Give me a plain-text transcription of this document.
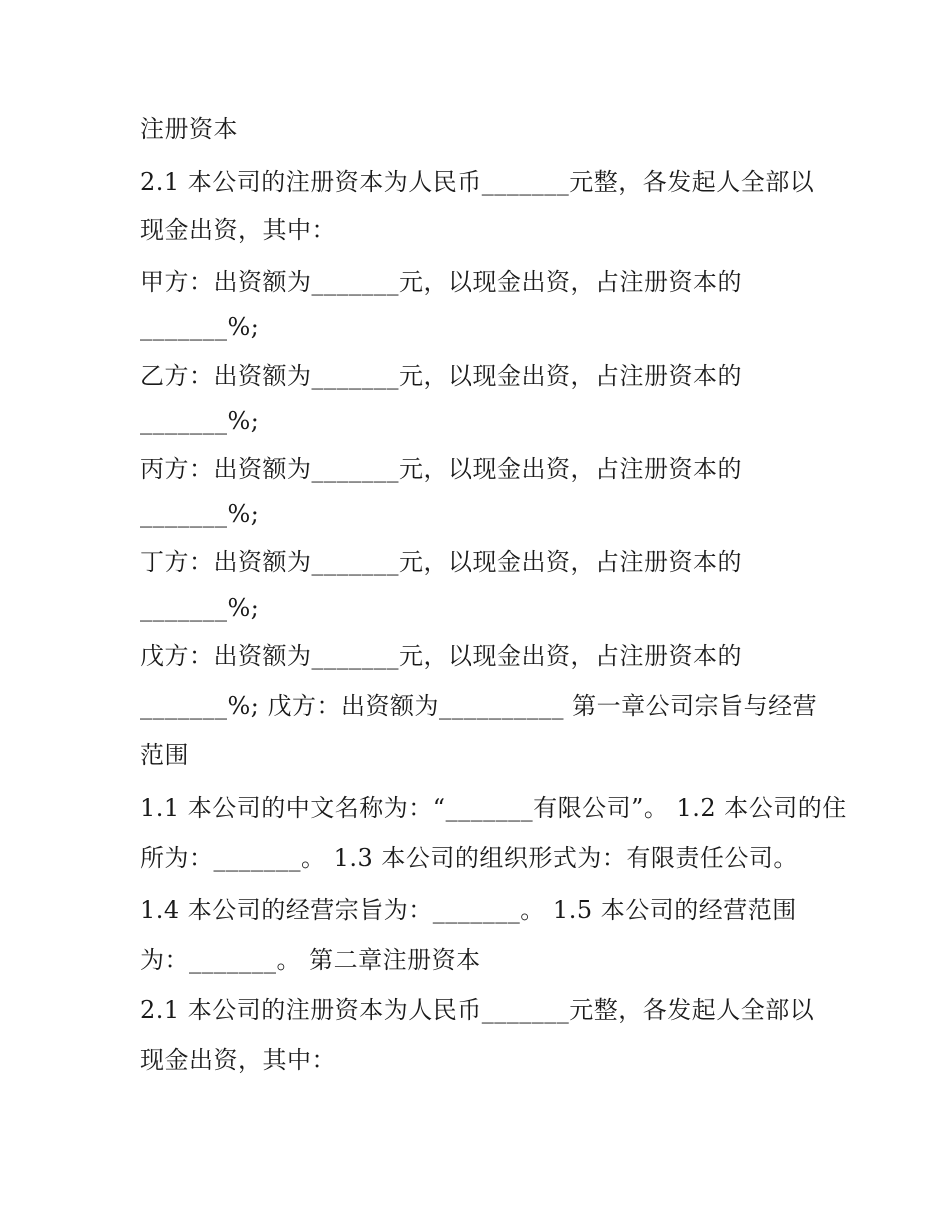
注册资本

2.1 本公司的注册资本为人民币_______元整，各发起人全部以

现金出资，其中：

甲方：出资额为_______元，以现金出资，占注册资本的

_______%;

乙方：出资额为_______元，以现金出资，占注册资本的

_______%;

丙方：出资额为_______元，以现金出资，占注册资本的

_______%;

丁方：出资额为_______元，以现金出资，占注册资本的

_______%;

戊方：出资额为_______元，以现金出资，占注册资本的

_______%; 戊方：出资额为__________ 第一章公司宗旨与经营

范围

1.1 本公司的中文名称为：“_______有限公司”。 1.2 本公司的住

所为：_______。 1.3 本公司的组织形式为：有限责任公司。

1.4 本公司的经营宗旨为：_______。 1.5 本公司的经营范围

为：_______。 第二章注册资本

2.1 本公司的注册资本为人民币_______元整，各发起人全部以

现金出资，其中：
